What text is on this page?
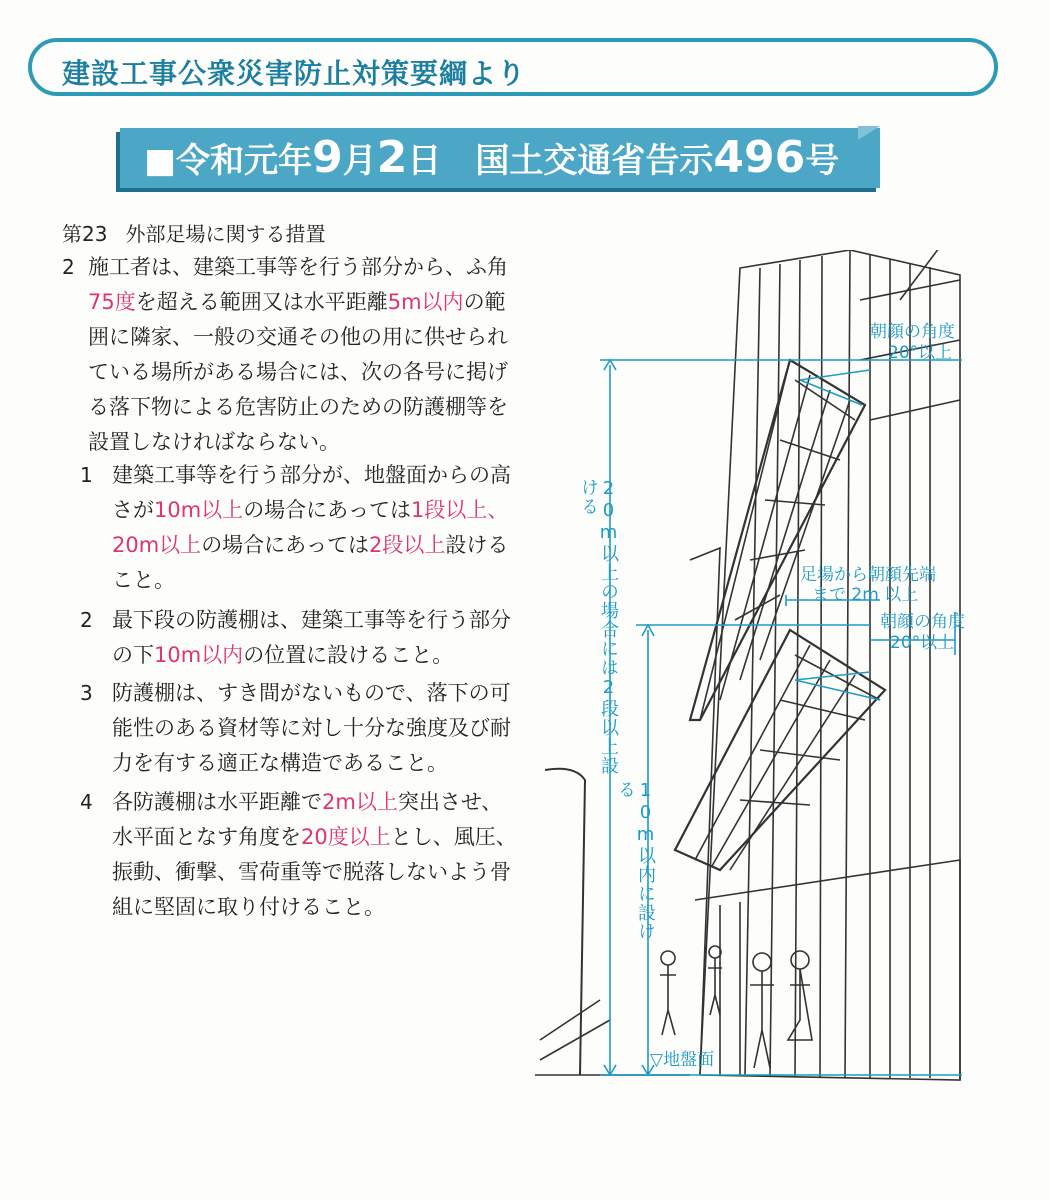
建設工事公衆災害防止対策要綱より
■令和元年9月2日 国土交通省告示496号
第23 外部足場に関する措置
2 施工者は、建築工事等を行う部分から、ふ角75度を超える範囲又は水平距離5m以内の範囲に隣家、一般の交通その他の用に供せられている場所がある場合には、次の各号に掲げる落下物による危害防止のための防護棚等を設置しなければならない。
1 建築工事等を行う部分が、地盤面からの高さが10m以上の場合にあっては1段以上、20m以上の場合にあっては2段以上設けること。
2 最下段の防護棚は、建築工事等を行う部分の下10m以内の位置に設けること。
3 防護棚は、すき間がないもので、落下の可能性のある資材等に対し十分な強度及び耐力を有する適正な構造であること。
4 各防護棚は水平距離で2m以上突出させ、水平面となす角度を20度以上とし、風圧、振動、衝撃、雪荷重等で脱落しないよう骨組に堅固に取り付けること。
朝顔の角度
20°以上
足場から朝顔先端
まで 2m 以上
朝顔の角度
20°以上
20m以上の場合には2段以上設ける
10m以内に設ける
▽地盤面
